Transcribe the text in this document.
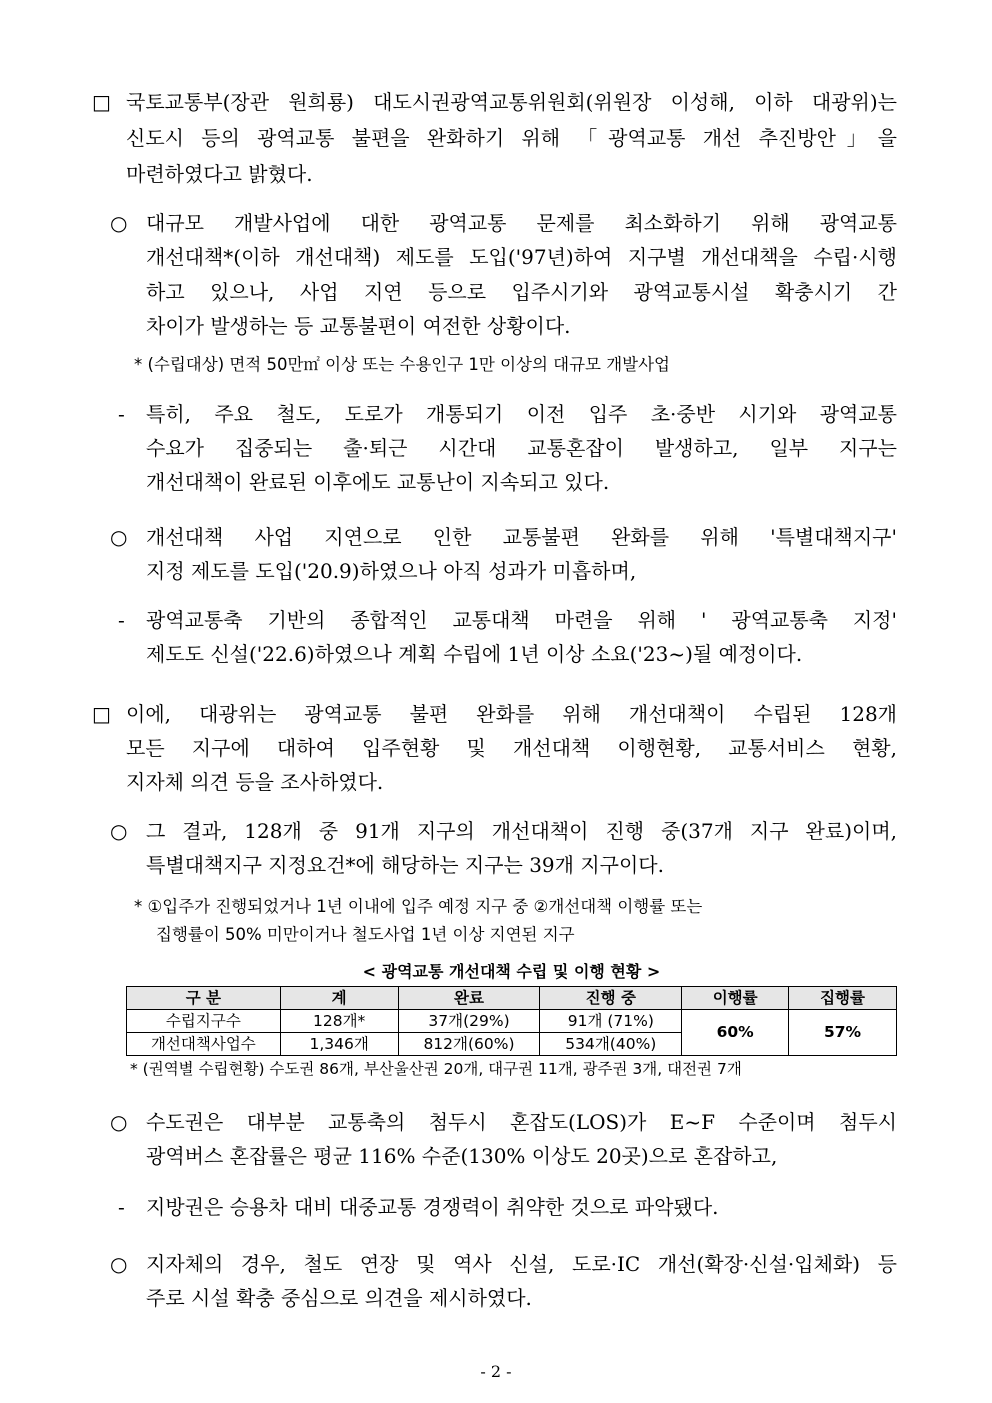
□ 국토교통부(장관 원희룡) 대도시권광역교통위원회(위원장 이성해, 이하 대광위)는
신도시 등의 광역교통 불편을 완화하기 위해 「광역교통 개선 추진방안」을
마련하였다고 밝혔다.
○ 대규모 개발사업에 대한 광역교통 문제를 최소화하기 위해 광역교통
개선대책*(이하 개선대책) 제도를 도입('97년)하여 지구별 개선대책을 수립·시행
하고 있으나, 사업 지연 등으로 입주시기와 광역교통시설 확충시기 간
차이가 발생하는 등 교통불편이 여전한 상황이다.
* (수립대상) 면적 50만㎡ 이상 또는 수용인구 1만 이상의 대규모 개발사업
- 특히, 주요 철도, 도로가 개통되기 이전 입주 초·중반 시기와 광역교통
수요가 집중되는 출·퇴근 시간대 교통혼잡이 발생하고, 일부 지구는
개선대책이 완료된 이후에도 교통난이 지속되고 있다.
○ 개선대책 사업 지연으로 인한 교통불편 완화를 위해 '특별대책지구'
지정 제도를 도입('20.9)하였으나 아직 성과가 미흡하며,
- 광역교통축 기반의 종합적인 교통대책 마련을 위해 ' 광역교통축 지정'
제도도 신설('22.6)하였으나 계획 수립에 1년 이상 소요('23~)될 예정이다.
□ 이에, 대광위는 광역교통 불편 완화를 위해 개선대책이 수립된 128개
모든 지구에 대하여 입주현황 및 개선대책 이행현황, 교통서비스 현황,
지자체 의견 등을 조사하였다.
○ 그 결과, 128개 중 91개 지구의 개선대책이 진행 중(37개 지구 완료)이며,
특별대책지구 지정요건*에 해당하는 지구는 39개 지구이다.
* ①입주가 진행되었거나 1년 이내에 입주 예정 지구 중 ②개선대책 이행률 또는
집행률이 50% 미만이거나 철도사업 1년 이상 지연된 지구
< 광역교통 개선대책 수립 및 이행 현황 >
구 분	계	완료	진행 중	이행률	집행률
수립지구수	128개*	37개(29%)	91개 (71%)	60%	57%
개선대책사업수	1,346개	812개(60%)	534개(40%)		
* (권역별 수립현황) 수도권 86개, 부산울산권 20개, 대구권 11개, 광주권 3개, 대전권 7개
○ 수도권은 대부분 교통축의 첨두시 혼잡도(LOS)가 E~F 수준이며 첨두시
광역버스 혼잡률은 평균 116% 수준(130% 이상도 20곳)으로 혼잡하고,
- 지방권은 승용차 대비 대중교통 경쟁력이 취약한 것으로 파악됐다.
○ 지자체의 경우, 철도 연장 및 역사 신설, 도로·IC 개선(확장·신설·입체화) 등
주로 시설 확충 중심으로 의견을 제시하였다.
- 2 -
